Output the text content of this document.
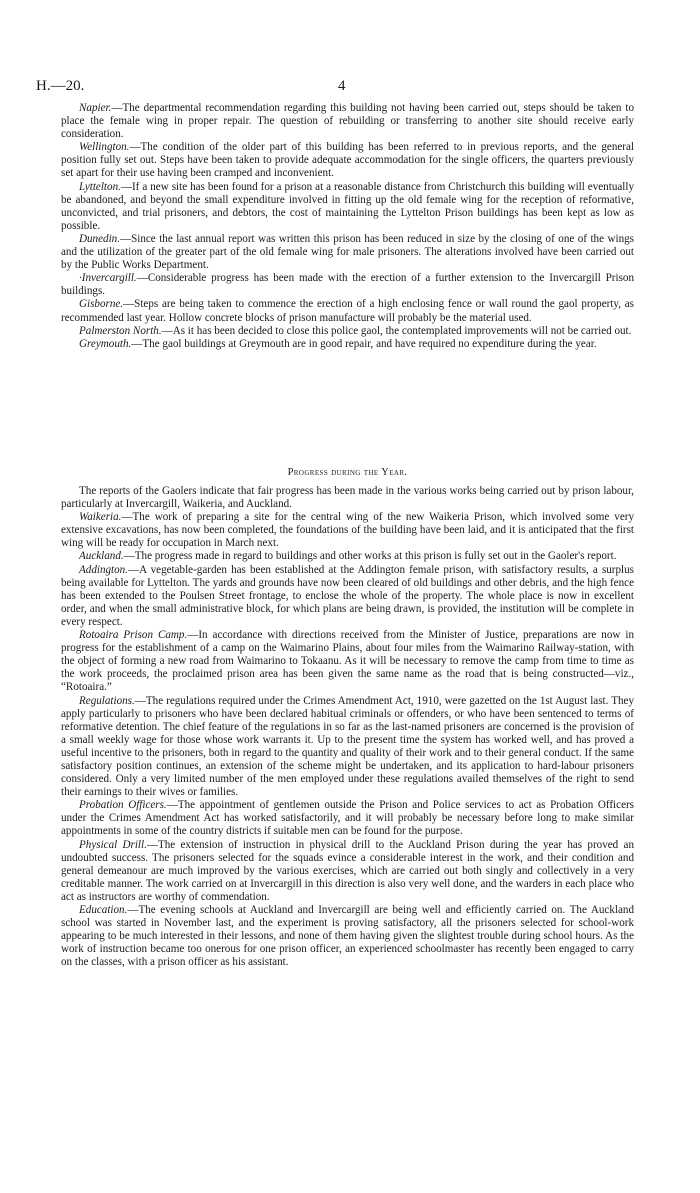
H.—20.	4

Napier.—The departmental recommendation regarding this building not having been carried out, steps should be taken to place the female wing in proper repair. The question of rebuilding or transferring to another site should receive early consideration.

Wellington.—The condition of the older part of this building has been referred to in previous reports, and the general position fully set out. Steps have been taken to provide adequate accommodation for the single officers, the quarters previously set apart for their use having been cramped and inconvenient.

Lyttelton.—If a new site has been found for a prison at a reasonable distance from Christchurch this building will eventually be abandoned, and beyond the small expenditure involved in fitting up the old female wing for the reception of reformative, unconvicted, and trial prisoners, and debtors, the cost of maintaining the Lyttelton Prison buildings has been kept as low as possible.

Dunedin.—Since the last annual report was written this prison has been reduced in size by the closing of one of the wings and the utilization of the greater part of the old female wing for male prisoners. The alterations involved have been carried out by the Public Works Department.

·Invercargill.—Considerable progress has been made with the erection of a further extension to the Invercargill Prison buildings.

Gisborne.—Steps are being taken to commence the erection of a high enclosing fence or wall round the gaol property, as recommended last year. Hollow concrete blocks of prison manufacture will probably be the material used.

Palmerston North.—As it has been decided to close this police gaol, the contemplated improvements will not be carried out.

Greymouth.—The gaol buildings at Greymouth are in good repair, and have required no expenditure during the year.

Progress during the Year.

The reports of the Gaolers indicate that fair progress has been made in the various works being carried out by prison labour, particularly at Invercargill, Waikeria, and Auckland.

Waikeria.—The work of preparing a site for the central wing of the new Waikeria Prison, which involved some very extensive excavations, has now been completed, the foundations of the building have been laid, and it is anticipated that the first wing will be ready for occupation in March next.

Auckland.—The progress made in regard to buildings and other works at this prison is fully set out in the Gaoler's report.

Addington.—A vegetable-garden has been established at the Addington female prison, with satisfactory results, a surplus being available for Lyttelton. The yards and grounds have now been cleared of old buildings and other debris, and the high fence has been extended to the Poulsen Street frontage, to enclose the whole of the property. The whole place is now in excellent order, and when the small administrative block, for which plans are being drawn, is provided, the institution will be complete in every respect.

Rotoaira Prison Camp.—In accordance with directions received from the Minister of Justice, preparations are now in progress for the establishment of a camp on the Waimarino Plains, about four miles from the Waimarino Railway-station, with the object of forming a new road from Waimarino to Tokaanu. As it will be necessary to remove the camp from time to time as the work proceeds, the proclaimed prison area has been given the same name as the road that is being constructed—viz., “Rotoaira.”

Regulations.—The regulations required under the Crimes Amendment Act, 1910, were gazetted on the 1st August last. They apply particularly to prisoners who have been declared habitual criminals or offenders, or who have been sentenced to terms of reformative detention. The chief feature of the regulations in so far as the last-named prisoners are concerned is the provision of a small weekly wage for those whose work warrants it. Up to the present time the system has worked well, and has proved a useful incentive to the prisoners, both in regard to the quantity and quality of their work and to their general conduct. If the same satisfactory position continues, an extension of the scheme might be undertaken, and its application to hard-labour prisoners considered. Only a very limited number of the men employed under these regulations availed themselves of the right to send their earnings to their wives or families.

Probation Officers.—The appointment of gentlemen outside the Prison and Police services to act as Probation Officers under the Crimes Amendment Act has worked satisfactorily, and it will probably be necessary before long to make similar appointments in some of the country districts if suitable men can be found for the purpose.

Physical Drill.—The extension of instruction in physical drill to the Auckland Prison during the year has proved an undoubted success. The prisoners selected for the squads evince a considerable interest in the work, and their condition and general demeanour are much improved by the various exercises, which are carried out both singly and collectively in a very creditable manner. The work carried on at Invercargill in this direction is also very well done, and the warders in each place who act as instructors are worthy of commendation.

Education.—The evening schools at Auckland and Invercargill are being well and efficiently carried on. The Auckland school was started in November last, and the experiment is proving satisfactory, all the prisoners selected for school-work appearing to be much interested in their lessons, and none of them having given the slightest trouble during school hours. As the work of instruction became too onerous for one prison officer, an experienced schoolmaster has recently been engaged to carry on the classes, with a prison officer as his assistant.
